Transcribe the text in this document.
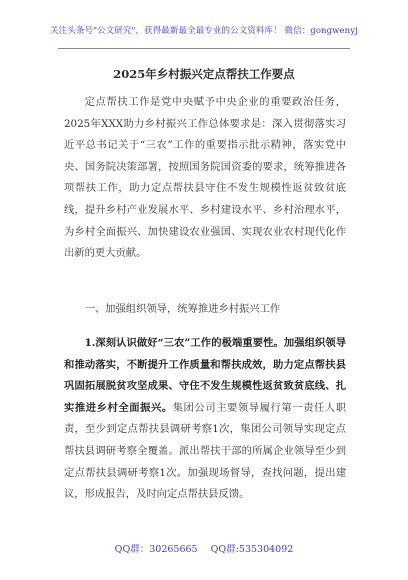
关注头条号"公文研究"，获得最新最全最专业的公文资料库！ 微信：gongwenyj
2025年乡村振兴定点帮扶工作要点
定点帮扶工作是党中央赋予中央企业的重要政治任务，2025年XXX助力乡村振兴工作总体要求是：深入贯彻落实习近平总书记关于“三农”工作的重要指示批示精神，落实党中央、国务院决策部署，按照国务院国资委的要求，统筹推进各项帮扶工作，助力定点帮扶县守住不发生规模性返贫致贫底线，提升乡村产业发展水平、乡村建设水平、乡村治理水平，为乡村全面振兴、加快建设农业强国、实现农业农村现代化作出新的更大贡献。
一、加强组织领导，统筹推进乡村振兴工作
1.深刻认识做好“三农”工作的极端重要性。加强组织领导和推动落实，不断提升工作质量和帮扶成效，助力定点帮扶县巩固拓展脱贫攻坚成果、守住不发生规模性返贫致贫底线、扎实推进乡村全面振兴。集团公司主要领导履行第一责任人职责，至少到定点帮扶县调研考察1次，集团公司领导实现定点帮扶县调研考察全覆盖。派出帮扶干部的所属企业领导至少到定点帮扶县调研考察1次。加强现场督导，查找问题，提出建议，形成报告，及时向定点帮扶县反馈。
QQ群：30265665 QQ群:535304092
